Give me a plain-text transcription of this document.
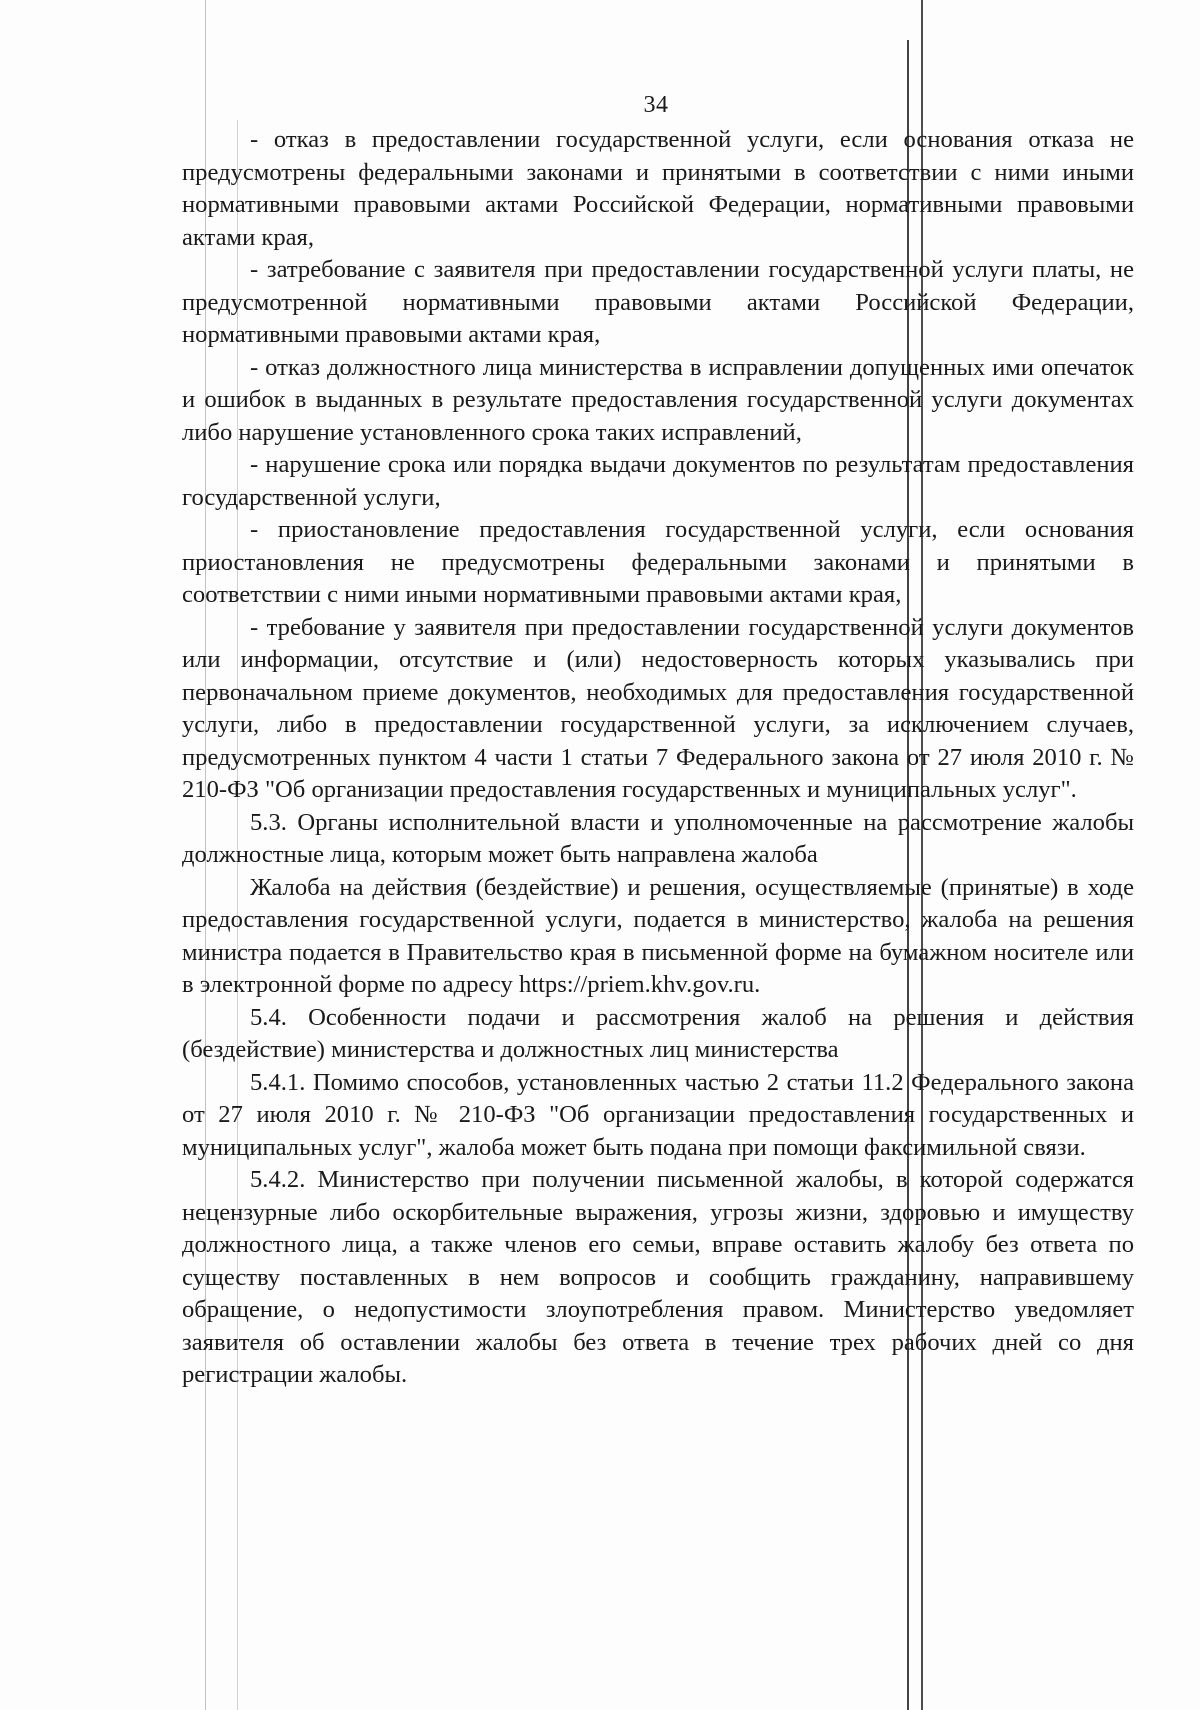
34

- отказ в предоставлении государственной услуги, если основания отказа не предусмотрены федеральными законами и принятыми в соответствии с ними иными нормативными правовыми актами Российской Федерации, нормативными правовыми актами края,

- затребование с заявителя при предоставлении государственной услуги платы, не предусмотренной нормативными правовыми актами Российской Федерации, нормативными правовыми актами края,

- отказ должностного лица министерства в исправлении допущенных ими опечаток и ошибок в выданных в результате предоставления государственной услуги документах либо нарушение установленного срока таких исправлений,

- нарушение срока или порядка выдачи документов по результатам предоставления государственной услуги,

- приостановление предоставления государственной услуги, если основания приостановления не предусмотрены федеральными законами и принятыми в соответствии с ними иными нормативными правовыми актами края,

- требование у заявителя при предоставлении государственной услуги документов или информации, отсутствие и (или) недостоверность которых указывались при первоначальном приеме документов, необходимых для предоставления государственной услуги, либо в предоставлении государственной услуги, за исключением случаев, предусмотренных пунктом 4 части 1 статьи 7 Федерального закона от 27 июля 2010 г. № 210-ФЗ "Об организации предоставления государственных и муниципальных услуг".

5.3. Органы исполнительной власти и уполномоченные на рассмотрение жалобы должностные лица, которым может быть направлена жалоба

Жалоба на действия (бездействие) и решения, осуществляемые (принятые) в ходе предоставления государственной услуги, подается в министерство, жалоба на решения министра подается в Правительство края в письменной форме на бумажном носителе или в электронной форме по адресу https://priem.khv.gov.ru.

5.4. Особенности подачи и рассмотрения жалоб на решения и действия (бездействие) министерства и должностных лиц министерства

5.4.1. Помимо способов, установленных частью 2 статьи 11.2 Федерального закона от 27 июля 2010 г. № 210-ФЗ "Об организации предоставления государственных и муниципальных услуг", жалоба может быть подана при помощи факсимильной связи.

5.4.2. Министерство при получении письменной жалобы, в которой содержатся нецензурные либо оскорбительные выражения, угрозы жизни, здоровью и имуществу должностного лица, а также членов его семьи, вправе оставить жалобу без ответа по существу поставленных в нем вопросов и сообщить гражданину, направившему обращение, о недопустимости злоупотребления правом. Министерство уведомляет заявителя об оставлении жалобы без ответа в течение трех рабочих дней со дня регистрации жалобы.
